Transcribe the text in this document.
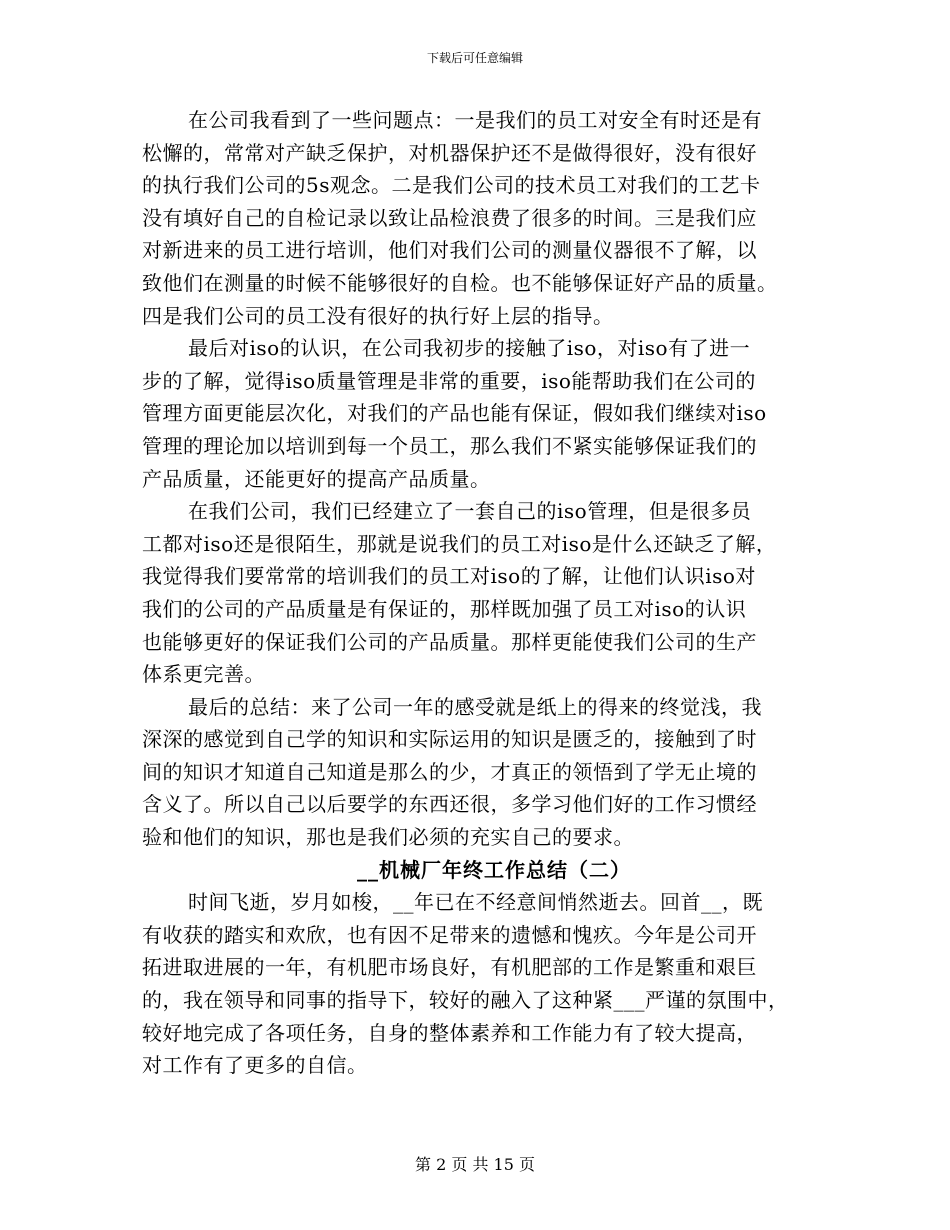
下载后可任意编辑
在公司我看到了一些问题点：一是我们的员工对安全有时还是有
松懈的，常常对产缺乏保护，对机器保护还不是做得很好，没有很好
的执行我们公司的5s观念。二是我们公司的技术员工对我们的工艺卡
没有填好自己的自检记录以致让品检浪费了很多的时间。三是我们应
对新进来的员工进行培训，他们对我们公司的测量仪器很不了解，以
致他们在测量的时候不能够很好的自检。也不能够保证好产品的质量。
四是我们公司的员工没有很好的执行好上层的指导。
最后对iso的认识，在公司我初步的接触了iso，对iso有了进一
步的了解，觉得iso质量管理是非常的重要，iso能帮助我们在公司的
管理方面更能层次化，对我们的产品也能有保证，假如我们继续对iso
管理的理论加以培训到每一个员工，那么我们不紧实能够保证我们的
产品质量，还能更好的提高产品质量。
在我们公司，我们已经建立了一套自己的iso管理，但是很多员
工都对iso还是很陌生，那就是说我们的员工对iso是什么还缺乏了解，
我觉得我们要常常的培训我们的员工对iso的了解，让他们认识iso对
我们的公司的产品质量是有保证的，那样既加强了员工对iso的认识
也能够更好的保证我们公司的产品质量。那样更能使我们公司的生产
体系更完善。
最后的总结：来了公司一年的感受就是纸上的得来的终觉浅，我
深深的感觉到自己学的知识和实际运用的知识是匮乏的，接触到了时
间的知识才知道自己知道是那么的少，才真正的领悟到了学无止境的
含义了。所以自己以后要学的东西还很，多学习他们好的工作习惯经
验和他们的知识，那也是我们必须的充实自己的要求。
__机械厂年终工作总结（二）
时间飞逝，岁月如梭，__年已在不经意间悄然逝去。回首__，既
有收获的踏实和欢欣，也有因不足带来的遗憾和愧疚。今年是公司开
拓进取进展的一年，有机肥市场良好，有机肥部的工作是繁重和艰巨
的，我在领导和同事的指导下，较好的融入了这种紧___严谨的氛围中，
较好地完成了各项任务，自身的整体素养和工作能力有了较大提高，
对工作有了更多的自信。
第 2 页 共 15 页
